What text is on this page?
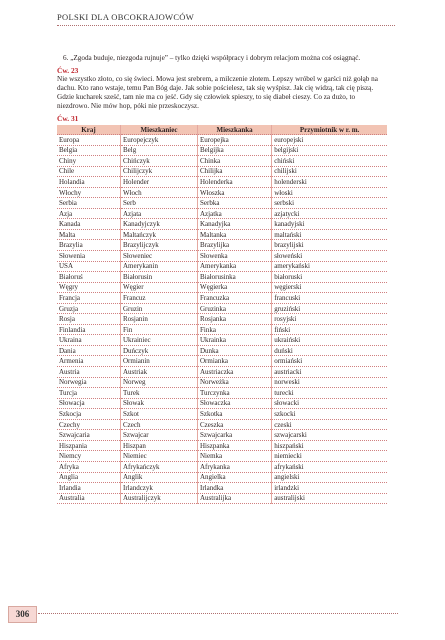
POLSKI DLA OBCOKRAJOWCÓW
6. „Zgoda buduje, niezgoda rujnuje” – tylko dzięki współpracy i dobrym relacjom można coś osiągnąć.
Ćw. 23
Nie wszystko złoto, co się świeci. Mowa jest srebrem, a milczenie złotem. Lepszy wróbel w garści niż gołąb na dachu. Kto rano wstaje, temu Pan Bóg daje. Jak sobie pościelesz, tak się wyśpisz. Jak cię widzą, tak cię piszą. Gdzie kucharek sześć, tam nie ma co jeść. Gdy się człowiek spieszy, to się diabeł cieszy. Co za dużo, to niezdrowo. Nie mów hop, póki nie przeskoczysz.
Ćw. 31
Kraj	Mieszkaniec	Mieszkanka	Przymiotnik w r. m.
Europa	Europejczyk	Europejka	europejski
Belgia	Belg	Belgijka	belgijski
Chiny	Chińczyk	Chinka	chiński
Chile	Chilijczyk	Chilijka	chilijski
Holandia	Holender	Holenderka	holenderski
Włochy	Włoch	Włoszka	włoski
Serbia	Serb	Serbka	serbski
Azja	Azjata	Azjatka	azjatycki
Kanada	Kanadyjczyk	Kanadyjka	kanadyjski
Malta	Maltańczyk	Maltanka	maltański
Brazylia	Brazylijczyk	Brazylijka	brazylijski
Słowenia	Słoweniec	Słowenka	słoweński
USA	Amerykanin	Amerykanka	amerykański
Białoruś	Białorusin	Białorusinka	białoruski
Węgry	Węgier	Węgierka	węgierski
Francja	Francuz	Francuzka	francuski
Gruzja	Gruzin	Gruzinka	gruziński
Rosja	Rosjanin	Rosjanka	rosyjski
Finlandia	Fin	Finka	fiński
Ukraina	Ukrainiec	Ukrainka	ukraiński
Dania	Duńczyk	Dunka	duński
Armenia	Ormianin	Ormianka	ormiański
Austria	Austriak	Austriaczka	austriacki
Norwegia	Norweg	Norweżka	norweski
Turcja	Turek	Turczynka	turecki
Słowacja	Słowak	Słowaczka	słowacki
Szkocja	Szkot	Szkotka	szkocki
Czechy	Czech	Czeszka	czeski
Szwajcaria	Szwajcar	Szwajcarka	szwajcarski
Hiszpania	Hiszpan	Hiszpanka	hiszpański
Niemcy	Niemiec	Niemka	niemiecki
Afryka	Afrykańczyk	Afrykanka	afrykański
Anglia	Anglik	Angielka	angielski
Irlandia	Irlandczyk	Irlandka	irlandzki
Australia	Australijczyk	Australijka	australijski
306
